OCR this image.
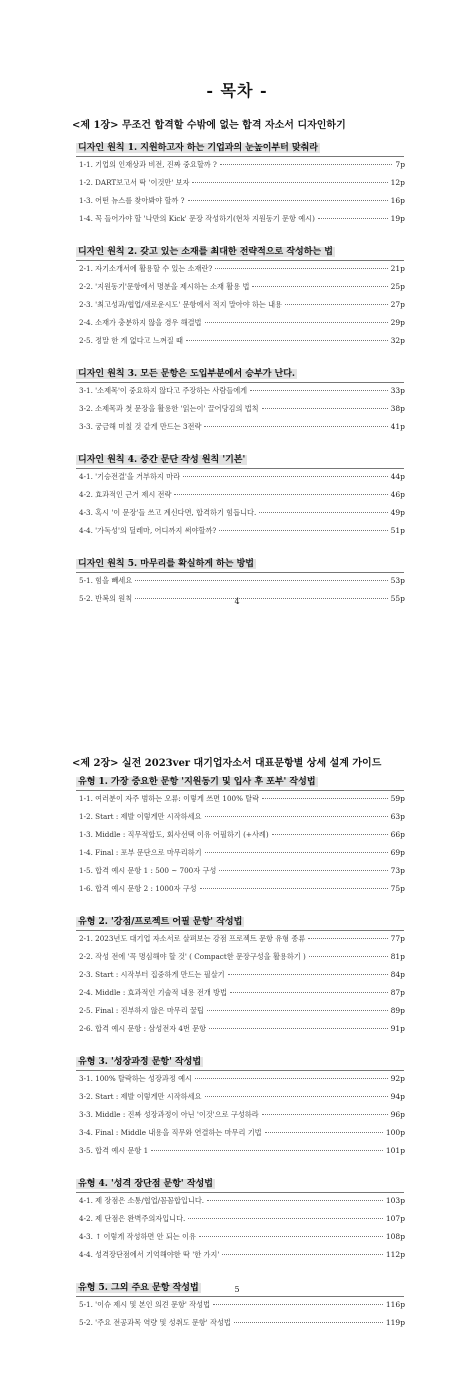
- 목차 -
<제 1장> 무조건 합격할 수밖에 없는 합격 자소서 디자인하기
디자인 원칙 1. 지원하고자 하는 기업과의 눈높이부터 맞춰라
1-1. 기업의 인재상과 비전, 진짜 중요할까 ?	7p
1-2. DART보고서 딱 '이것만' 보자	12p
1-3. 어떤 뉴스를 찾아봐야 할까 ?	16p
1-4. 꼭 들어가야 할 '나만의 Kick' 문장 작성하기(현차 지원동기 문항 예시)	19p
디자인 원칙 2. 갖고 있는 소재를 최대한 전략적으로 작성하는 법
2-1. 자기소개서에 활용할 수 있는 소재란?	21p
2-2. '지원동기'문항에서 명분을 제시하는 소재 활용 법	25p
2-3. '최고성과/협업/새로운시도' 문항에서 적지 말아야 하는 내용	27p
2-4. 소재가 충분하지 않을 경우 해결법	29p
2-5. 정말 한 게 없다고 느껴질 때	32p
디자인 원칙 3. 모든 문항은 도입부분에서 승부가 난다.
3-1. '소제목'이 중요하지 않다고 주장하는 사람들에게	33p
3-2. 소제목과 첫 문장을 활용한 '읽는이' 끌어당김의 법칙	38p
3-3. 궁금해 미칠 것 같게 만드는 3전략	41p
디자인 원칙 4. 중간 문단 작성 원칙 '기본'
4-1. '기승전결'을 거부하지 마라	44p
4-2. 효과적인 근거 제시 전략	46p
4-3. 혹시 '이 문장'들 쓰고 계신다면, 합격하기 힘듭니다.	49p
4-4. '가독성'의 딜레마, 어디까지 써야할까?	51p
디자인 원칙 5. 마무리를 확실하게 하는 방법
5-1. 힘을 빼세요	53p
5-2. 반복의 원칙	55p
4
<제 2장> 실전 2023ver 대기업자소서 대표문항별 상세 설계 가이드
유형 1. 가장 중요한 문항 '지원동기 및 입사 후 포부' 작성법
1-1. 여러분이 자주 범하는 오류: 이렇게 쓰면 100% 탈락	59p
1-2. Start : 제발 이렇게만 시작하세요	63p
1-3. Middle : 직무적합도, 회사선택 이유 어필하기 (+사례)	66p
1-4. Final : 포부 문단으로 마무리하기	69p
1-5. 합격 예시 문항 1 : 500 ~ 700자 구성	73p
1-6. 합격 예시 문항 2 : 1000자 구성	75p
유형 2. '강점/프로젝트 어필 문항' 작성법
2-1. 2023년도 대기업 자소서로 살펴보는 강점 프로젝트 문항 유형 종류	77p
2-2. 작성 전에 '꼭 명심해야 할 것' ( Compact한 문장구성을 활용하기 )	81p
2-3. Start : 시작부터 집중하게 만드는 필살기	84p
2-4. Middle : 효과적인 기술적 내용 전개 방법	87p
2-5. Final : 진부하지 않은 마무리 꿀팁	89p
2-6. 합격 예시 문항 : 삼성전자 4번 문항	91p
유형 3. '성장과정 문항' 작성법
3-1. 100% 탈락하는 성장과정 예시	92p
3-2. Start : 제발 이렇게만 시작하세요	94p
3-3. Middle : 진짜 성장과정이 아닌 '이것'으로 구성하라	96p
3-4. Final : Middle 내용을 직무와 연결하는 마무리 기법	100p
3-5. 합격 예시 문항 1	101p
유형 4. '성격 장단점 문항' 작성법
4-1. 제 장점은 소통/협업/꼼꼼합입니다.	103p
4-2. 제 단점은 완벽주의자입니다.	107p
4-3. ↑ 이렇게 작성하면 안 되는 이유	108p
4-4. 성격장단점에서 기억해야한 딱 '한 가지'	112p
유형 5. 그외 주요 문항 작성법
5-1. '이슈 제시 및 본인 의견 문항' 작성법	116p
5-2. '주요 전공과목 역량 및 성취도 문항' 작성법	119p
5
